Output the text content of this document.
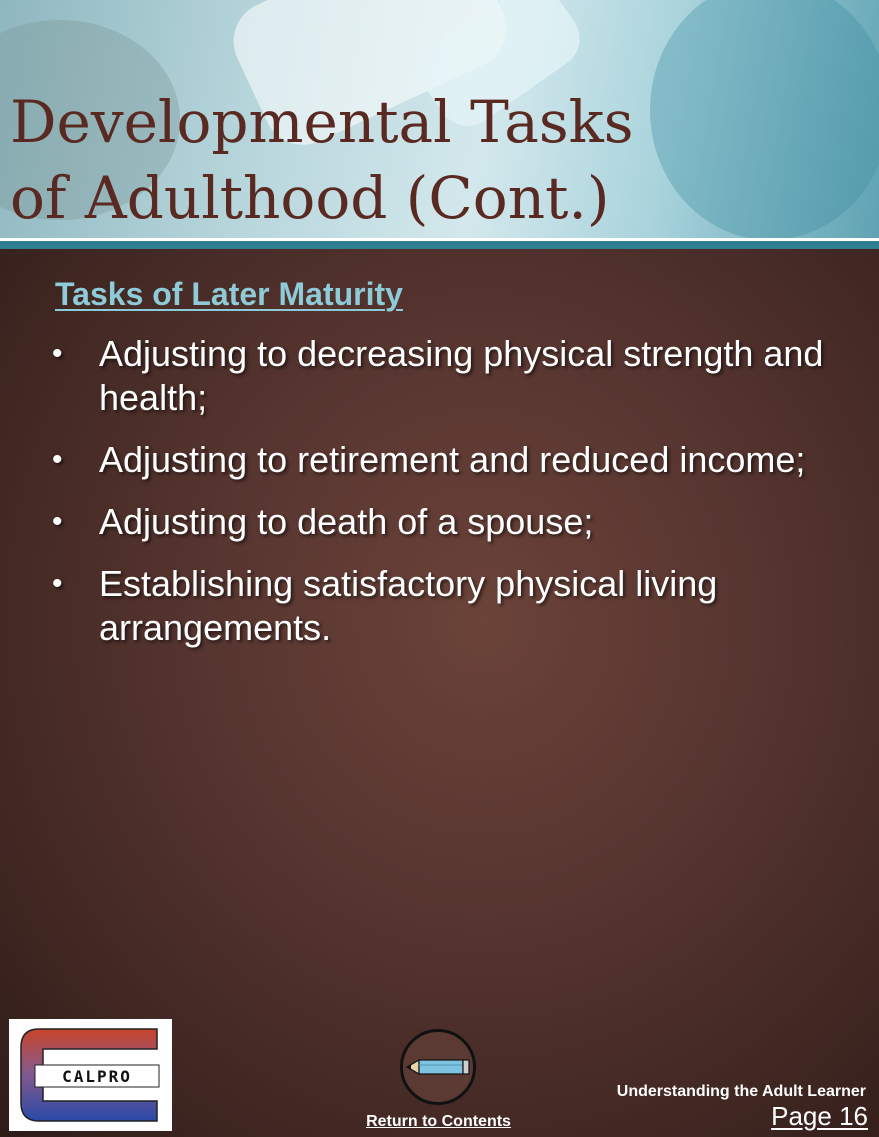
Developmental Tasks
of Adulthood (Cont.)
Tasks of Later Maturity
• Adjusting to decreasing physical strength and health;
• Adjusting to retirement and reduced income;
• Adjusting to death of a spouse;
• Establishing satisfactory physical living arrangements.
CALPRO
Return to Contents

Understanding the Adult Learner

Page 16
